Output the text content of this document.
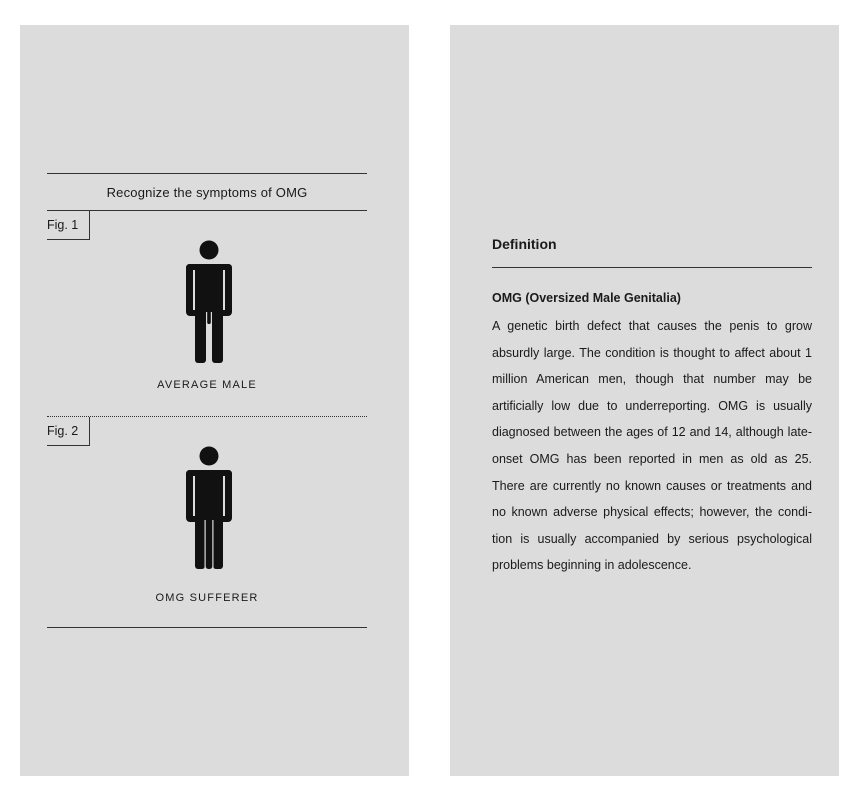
Recognize the symptoms of OMG
Fig. 1
AVERAGE MALE
Fig. 2
OMG SUFFERER
Definition
OMG (Oversized Male Genitalia)

A genetic birth defect that causes the penis to grow absurdly large. The condition is thought to affect about 1 million American men, though that number may be artificially low due to underreporting. OMG is usually diagnosed between the ages of 12 and 14, although late-onset OMG has been reported in men as old as 25. There are currently no known causes or treatments and no known adverse physical effects; however, the condition is usually accompanied by serious psychological problems beginning in adolescence.
